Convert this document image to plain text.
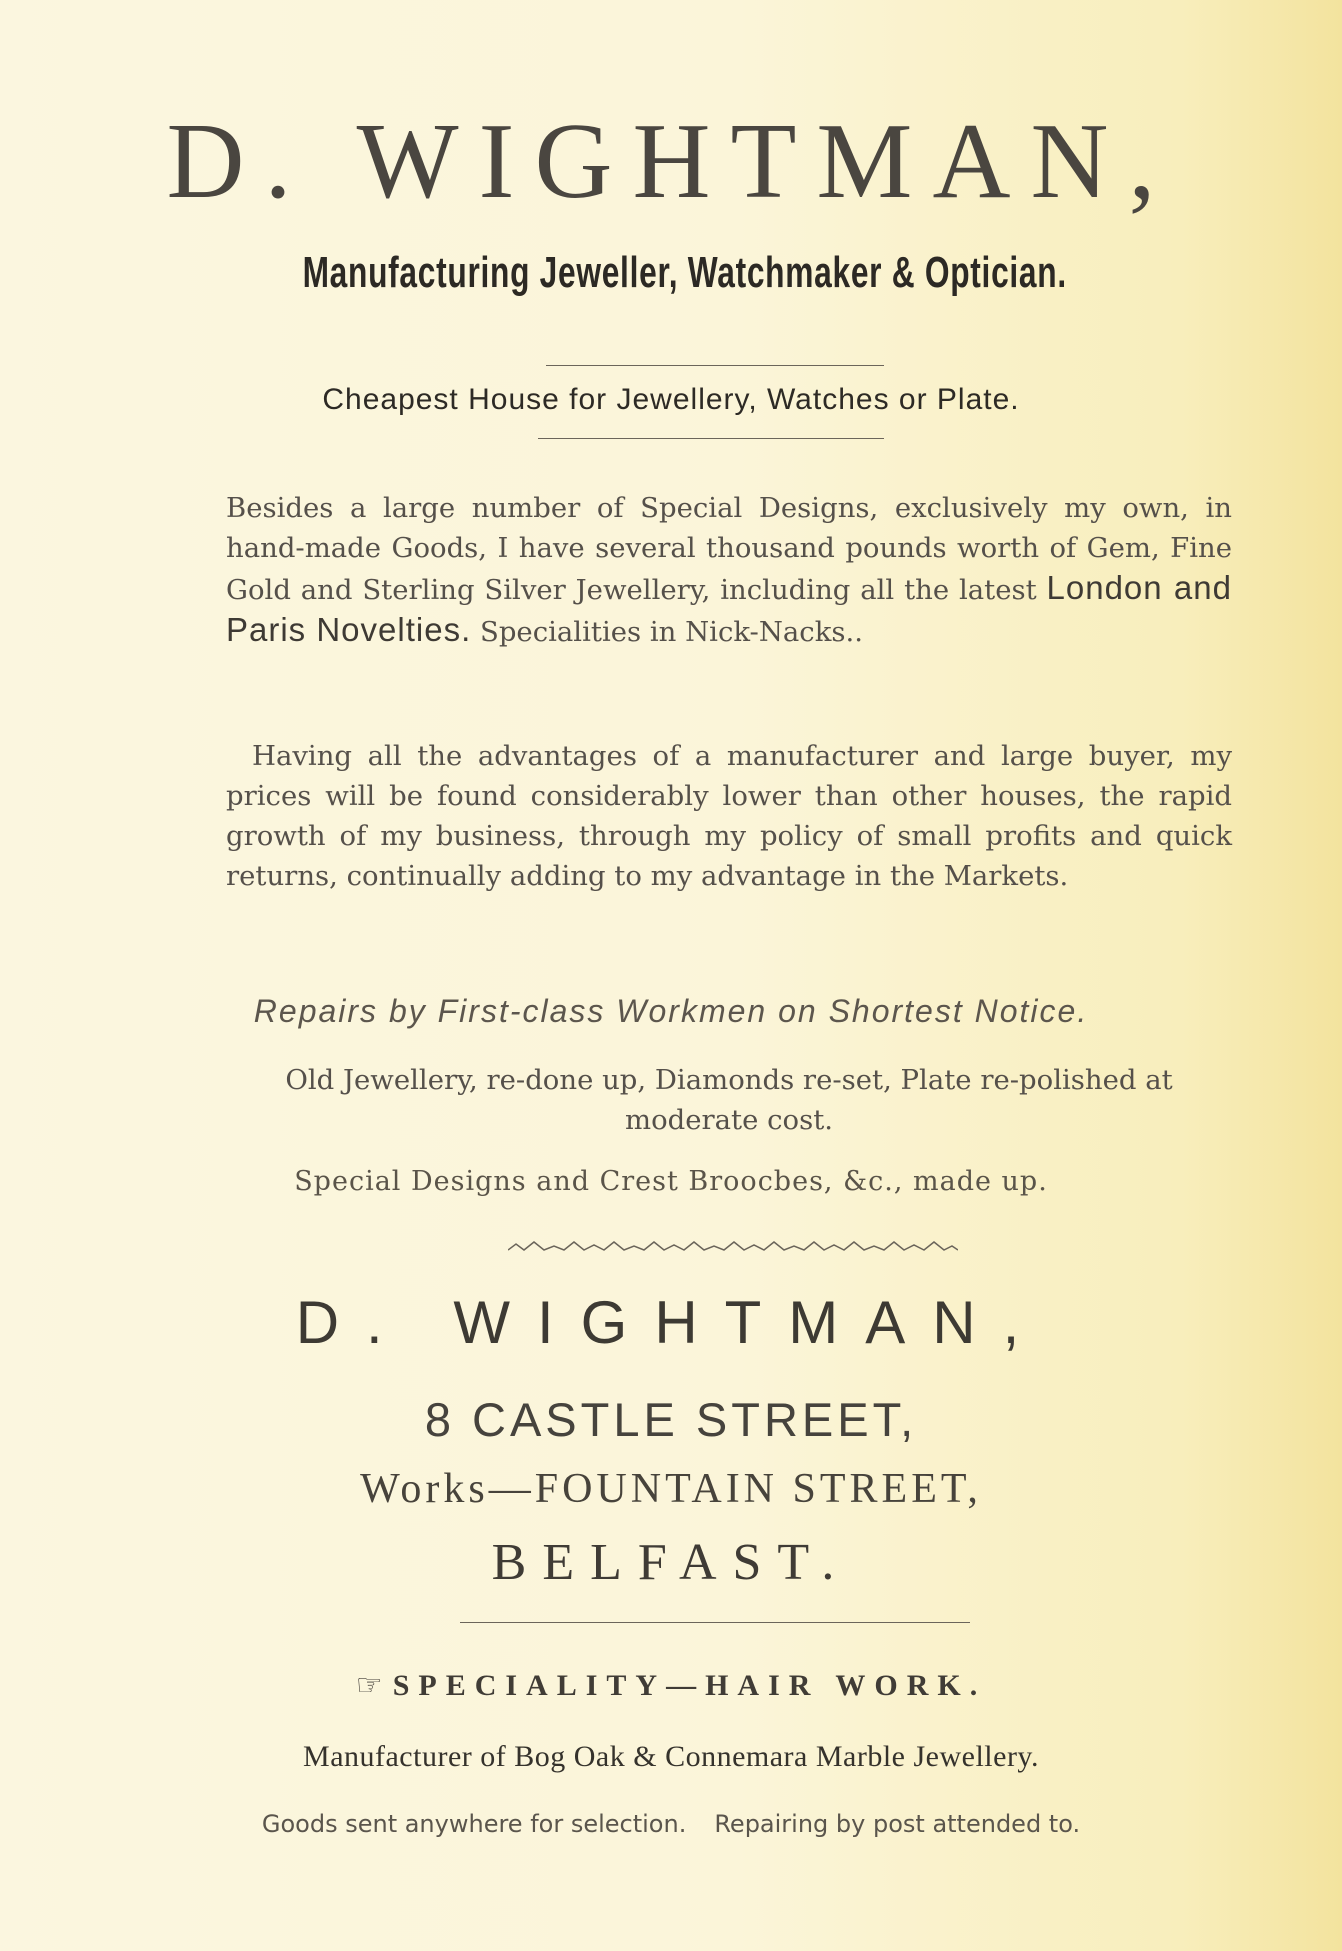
D. WIGHTMAN,
Manufacturing Jeweller, Watchmaker & Optician.
Cheapest House for Jewellery, Watches or Plate.
Besides a large number of Special Designs, exclusively my own, in hand-made Goods, I have several thousand pounds worth of Gem, Fine Gold and Sterling Silver Jewellery, including all the latest London and Paris Novelties. Specialities in Nick-Nacks..
Having all the advantages of a manufacturer and large buyer, my prices will be found considerably lower than other houses, the rapid growth of my business, through my policy of small profits and quick returns, continually adding to my advantage in the Markets.
Repairs by First-class Workmen on Shortest Notice.
Old Jewellery, re-done up, Diamonds re-set, Plate re-polished at moderate cost.
Special Designs and Crest Broocbes, &c., made up.
D. WIGHTMAN,
8 CASTLE STREET,
Works—FOUNTAIN STREET,
BELFAST.
☞ SPECIALITY—HAIR WORK.
Manufacturer of Bog Oak & Connemara Marble Jewellery.
Goods sent anywhere for selection. Repairing by post attended to.
